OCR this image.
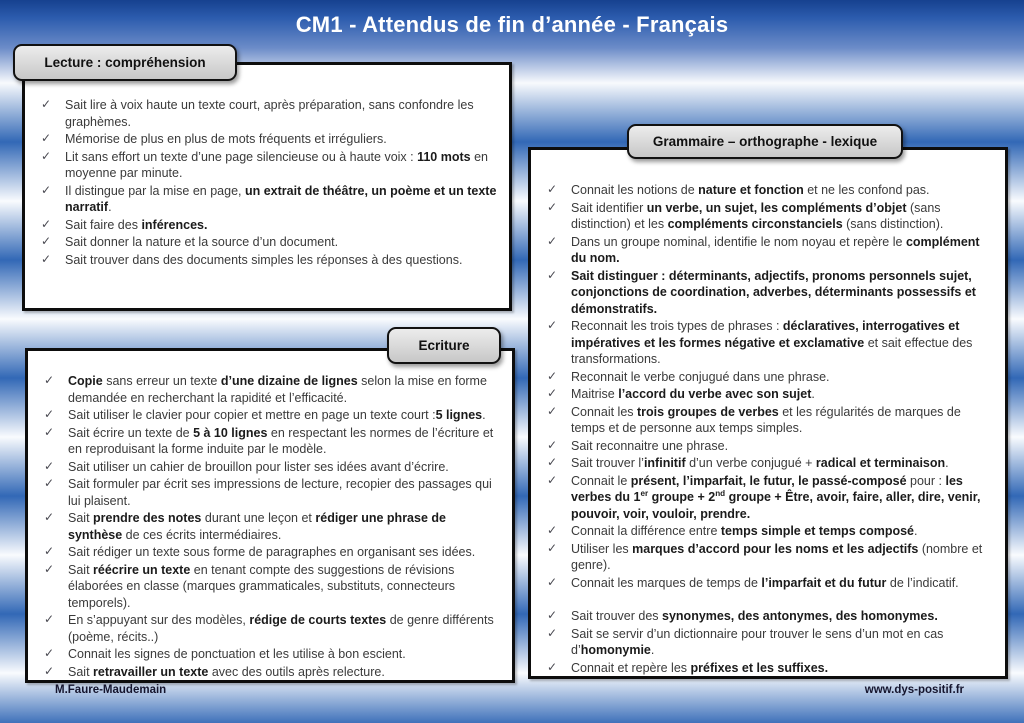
CM1 - Attendus de fin d’année - Français
Lecture : compréhension
✓ Sait lire à voix haute un texte court, après préparation, sans confondre les graphèmes.
✓ Mémorise de plus en plus de mots fréquents et irréguliers.
✓ Lit sans effort un texte d’une page silencieuse ou à haute voix : 110 mots en moyenne par minute.
✓ Il distingue par la mise en page, un extrait de théâtre, un poème et un texte narratif.
✓ Sait faire des inférences.
✓ Sait donner la nature et la source d’un document.
✓ Sait trouver dans des documents simples les réponses à des questions.
Ecriture
✓ Copie sans erreur un texte d’une dizaine de lignes selon la mise en forme demandée en recherchant la rapidité et l’efficacité.
✓ Sait utiliser le clavier pour copier et mettre en page un texte court :5 lignes.
✓ Sait écrire un texte de 5 à 10 lignes en respectant les normes de l’écriture et en reproduisant la forme induite par le modèle.
✓ Sait utiliser un cahier de brouillon pour lister ses idées avant d’écrire.
✓ Sait formuler par écrit ses impressions de lecture, recopier des passages qui lui plaisent.
✓ Sait prendre des notes durant une leçon et rédiger une phrase de synthèse de ces écrits intermédiaires.
✓ Sait rédiger un texte sous forme de paragraphes en organisant ses idées.
✓ Sait réécrire un texte en tenant compte des suggestions de révisions élaborées en classe (marques grammaticales, substituts, connecteurs temporels).
✓ En s’appuyant sur des modèles, rédige de courts textes de genre différents (poème, récits..)
✓ Connait les signes de ponctuation et les utilise à bon escient.
✓ Sait retravailler un texte avec des outils après relecture.
Grammaire – orthographe - lexique
✓ Connait les notions de nature et fonction et ne les confond pas.
✓ Sait identifier un verbe, un sujet, les compléments d’objet (sans distinction) et les compléments circonstanciels (sans distinction).
✓ Dans un groupe nominal, identifie le nom noyau et repère le complément du nom.
✓ Sait distinguer : déterminants, adjectifs, pronoms personnels sujet, conjonctions de coordination, adverbes, déterminants possessifs et démonstratifs.
✓ Reconnait les trois types de phrases : déclaratives, interrogatives et impératives et les formes négative et exclamative et sait effectue des transformations.
✓ Reconnait le verbe conjugué dans une phrase.
✓ Maitrise l’accord du verbe avec son sujet.
✓ Connait les trois groupes de verbes et les régularités de marques de temps et de personne aux temps simples.
✓ Sait reconnaitre une phrase.
✓ Sait trouver l’infinitif d’un verbe conjugué + radical et terminaison.
✓ Connait le présent, l’imparfait, le futur, le passé-composé pour : les verbes du 1er groupe + 2nd groupe + Être, avoir, faire, aller, dire, venir, pouvoir, voir, vouloir, prendre.
✓ Connait la différence entre temps simple et temps composé.
✓ Utiliser les marques d’accord pour les noms et les adjectifs (nombre et genre).
✓ Connait les marques de temps de l’imparfait et du futur de l’indicatif.
✓ Sait trouver des synonymes, des antonymes, des homonymes.
✓ Sait se servir d’un dictionnaire pour trouver le sens d’un mot en cas d’homonymie.
✓ Connait et repère les préfixes et les suffixes.
M.Faure-Maudemain	www.dys-positif.fr
